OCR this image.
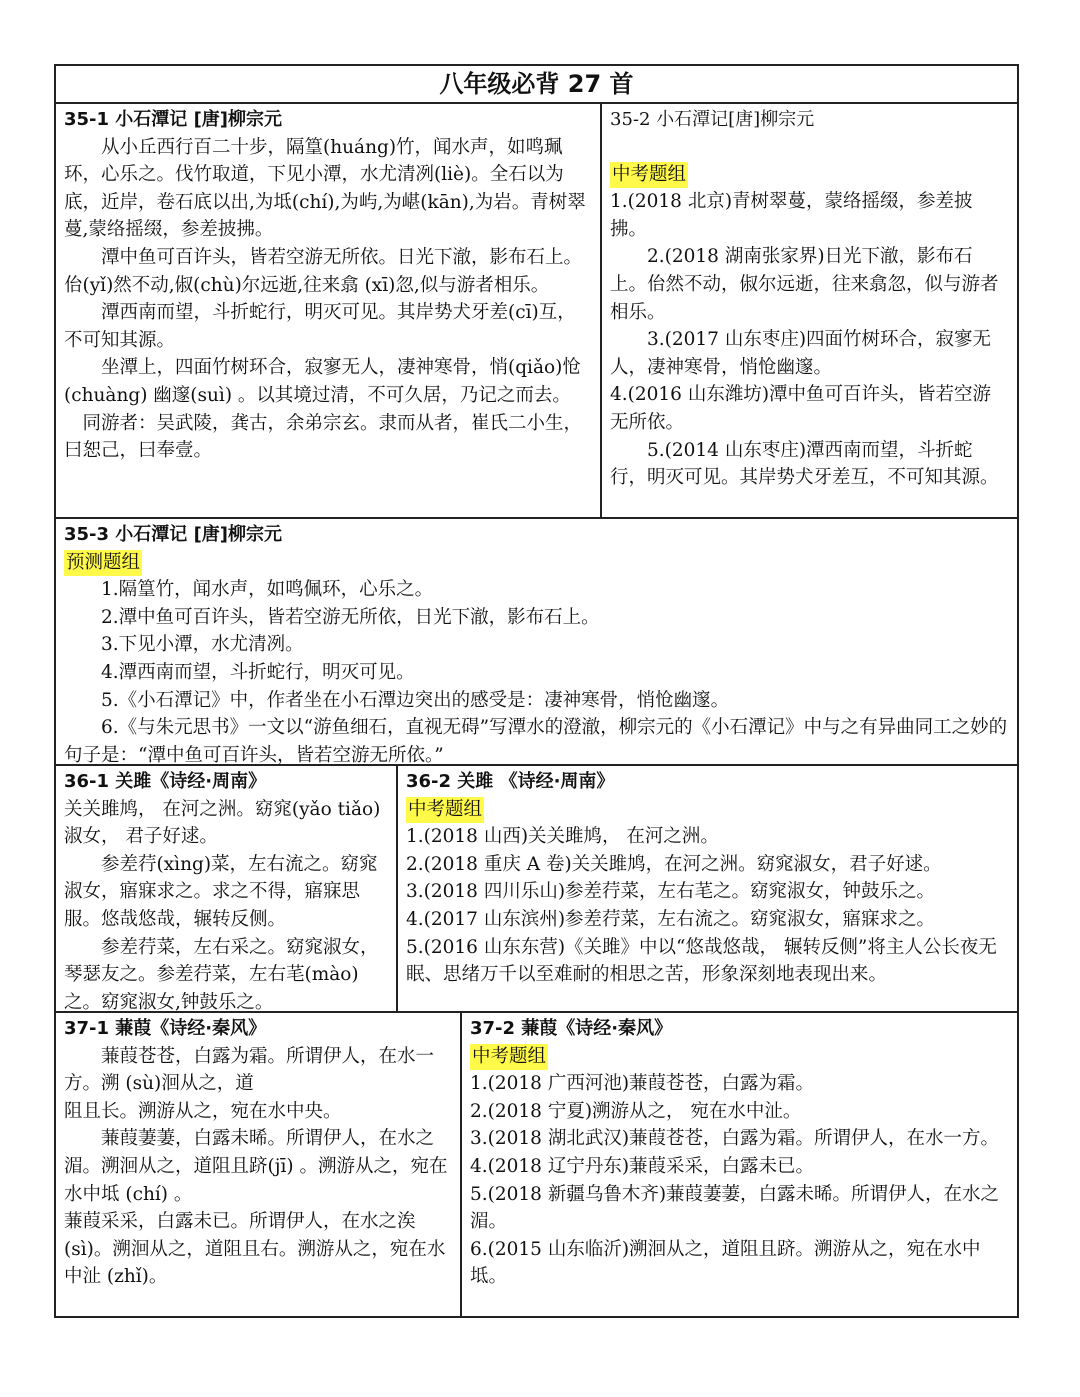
八年级必背 27 首
35-1 小石潭记 [唐]柳宗元
从小丘西行百二十步，隔篁(huáng)竹，闻水声，如鸣珮环，心乐之。伐竹取道，下见小潭，水尤清冽(liè)。全石以为底，近岸，卷石底以出,为坻(chí),为屿,为嵁(kān),为岩。青树翠蔓,蒙络摇缀，参差披拂。
潭中鱼可百许头，皆若空游无所依。日光下澈，影布石上。佁(yǐ)然不动,俶(chù)尔远逝,往来翕 (xī)忽,似与游者相乐。
潭西南而望，斗折蛇行，明灭可见。其岸势犬牙差(cī)互，不可知其源。
坐潭上，四面竹树环合，寂寥无人，凄神寒骨，悄(qiǎo)怆(chuàng) 幽邃(suì) 。以其境过清，不可久居，乃记之而去。
同游者：吴武陵，龚古，余弟宗玄。隶而从者，崔氏二小生，曰恕己，曰奉壹。
35-2 小石潭记[唐]柳宗元
中考题组
1.(2018 北京)青树翠蔓，蒙络摇缀，参差披拂。
2.(2018 湖南张家界)日光下澈，影布石上。佁然不动，俶尔远逝，往来翕忽，似与游者相乐。
3.(2017 山东枣庄)四面竹树环合，寂寥无人，凄神寒骨，悄怆幽邃。
4.(2016 山东潍坊)潭中鱼可百许头，皆若空游无所依。
5.(2014 山东枣庄)潭西南而望，斗折蛇行，明灭可见。其岸势犬牙差互，不可知其源。
35-3 小石潭记 [唐]柳宗元
预测题组
1.隔篁竹，闻水声，如鸣佩环，心乐之。
2.潭中鱼可百许头，皆若空游无所依，日光下澈，影布石上。
3.下见小潭，水尤清冽。
4.潭西南而望，斗折蛇行，明灭可见。
5.《小石潭记》中，作者坐在小石潭边突出的感受是：凄神寒骨，悄怆幽邃。
6.《与朱元思书》一文以“游鱼细石，直视无碍”写潭水的澄澈，柳宗元的《小石潭记》中与之有异曲同工之妙的句子是：“潭中鱼可百许头，皆若空游无所依。”
36-1 关雎《诗经·周南》
关关雎鸠， 在河之洲。窈窕(yǎo tiǎo) 淑女， 君子好逑。
参差荇(xìng)菜，左右流之。窈窕淑女，寤寐求之。求之不得，寤寐思服。悠哉悠哉，辗转反侧。
参差荇菜，左右采之。窈窕淑女，琴瑟友之。参差荇菜，左右芼(mào)之。窈窕淑女,钟鼓乐之。
36-2 关雎 《诗经·周南》
中考题组
1.(2018 山西)关关雎鸠， 在河之洲。
2.(2018 重庆 A 卷)关关雎鸠，在河之洲。窈窕淑女，君子好逑。
3.(2018 四川乐山)参差荇菜，左右芼之。窈窕淑女，钟鼓乐之。
4.(2017 山东滨州)参差荇菜，左右流之。窈窕淑女，寤寐求之。
5.(2016 山东东营)《关雎》中以“悠哉悠哉， 辗转反侧”将主人公长夜无眠、思绪万千以至难耐的相思之苦，形象深刻地表现出来。
37-1 蒹葭《诗经·秦风》
蒹葭苍苍，白露为霜。所谓伊人，在水一方。溯 (sù)洄从之，道
阻且长。溯游从之，宛在水中央。
蒹葭萋萋，白露未晞。所谓伊人，在水之湄。溯洄从之，道阻且跻(jī) 。溯游从之，宛在水中坻 (chí) 。
蒹葭采采，白露未已。所谓伊人，在水之涘(sì)。溯洄从之，道阻且右。溯游从之，宛在水中沚 (zhǐ)。
37-2 蒹葭《诗经·秦风》
中考题组
1.(2018 广西河池)蒹葭苍苍，白露为霜。
2.(2018 宁夏)溯游从之， 宛在水中沚。
3.(2018 湖北武汉)蒹葭苍苍，白露为霜。所谓伊人，在水一方。
4.(2018 辽宁丹东)蒹葭采采，白露未已。
5.(2018 新疆乌鲁木齐)蒹葭萋萋，白露未晞。所谓伊人，在水之湄。
6.(2015 山东临沂)溯洄从之，道阻且跻。溯游从之，宛在水中坻。
